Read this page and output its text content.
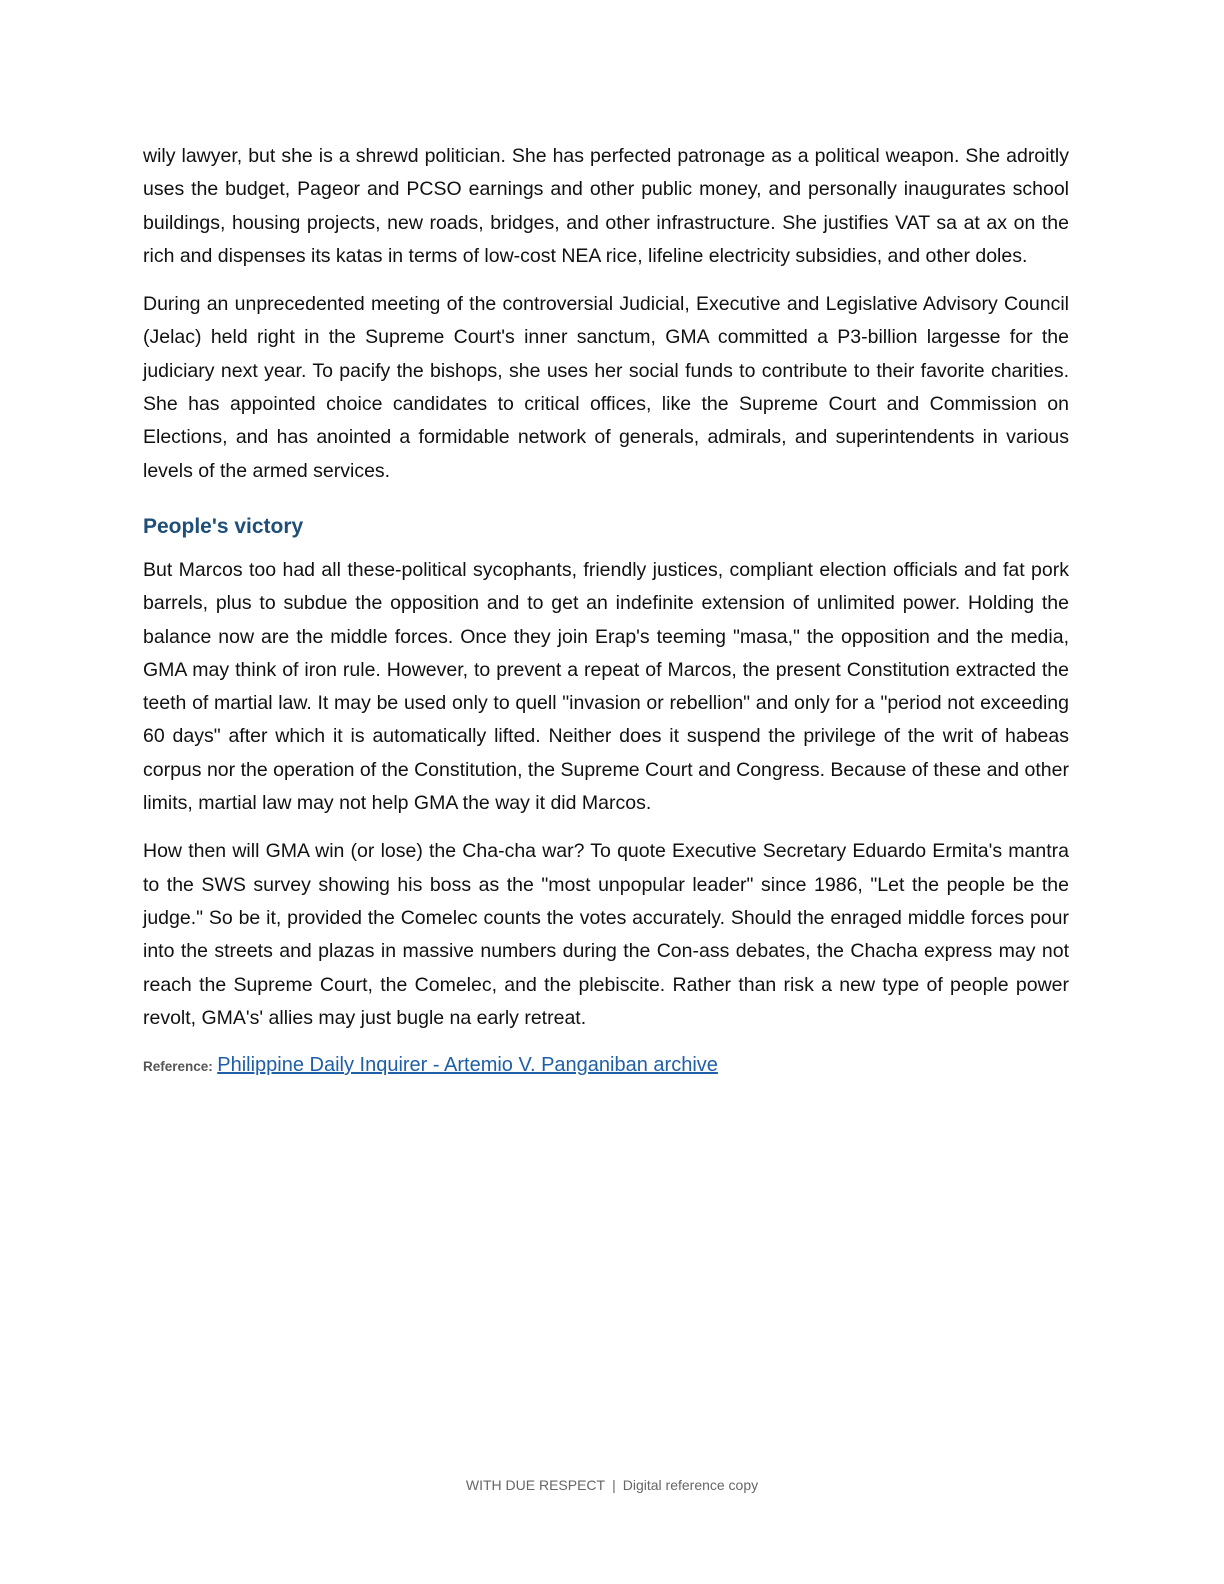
wily lawyer, but she is a shrewd politician. She has perfected patronage as a political weapon. She adroitly uses the budget, Pageor and PCSO earnings and other public money, and personally inaugurates school buildings, housing projects, new roads, bridges, and other infrastructure. She justifies VAT sa at ax on the rich and dispenses its katas in terms of low-cost NEA rice, lifeline electricity subsidies, and other doles.

During an unprecedented meeting of the controversial Judicial, Executive and Legislative Advisory Council (Jelac) held right in the Supreme Court's inner sanctum, GMA committed a P3-billion largesse for the judiciary next year. To pacify the bishops, she uses her social funds to contribute to their favorite charities. She has appointed choice candidates to critical offices, like the Supreme Court and Commission on Elections, and has anointed a formidable network of generals, admirals, and superintendents in various levels of the armed services.

People's victory

But Marcos too had all these-political sycophants, friendly justices, compliant election officials and fat pork barrels, plus to subdue the opposition and to get an indefinite extension of unlimited power. Holding the balance now are the middle forces. Once they join Erap's teeming "masa," the opposition and the media, GMA may think of iron rule. However, to prevent a repeat of Marcos, the present Constitution extracted the teeth of martial law. It may be used only to quell "invasion or rebellion" and only for a "period not exceeding 60 days" after which it is automatically lifted. Neither does it suspend the privilege of the writ of habeas corpus nor the operation of the Constitution, the Supreme Court and Congress. Because of these and other limits, martial law may not help GMA the way it did Marcos.

How then will GMA win (or lose) the Cha-cha war? To quote Executive Secretary Eduardo Ermita's mantra to the SWS survey showing his boss as the "most unpopular leader" since 1986, "Let the people be the judge." So be it, provided the Comelec counts the votes accurately. Should the enraged middle forces pour into the streets and plazas in massive numbers during the Con-ass debates, the Chacha express may not reach the Supreme Court, the Comelec, and the plebiscite. Rather than risk a new type of people power revolt, GMA's' allies may just bugle na early retreat.

Reference: Philippine Daily Inquirer - Artemio V. Panganiban archive
WITH DUE RESPECT | Digital reference copy
